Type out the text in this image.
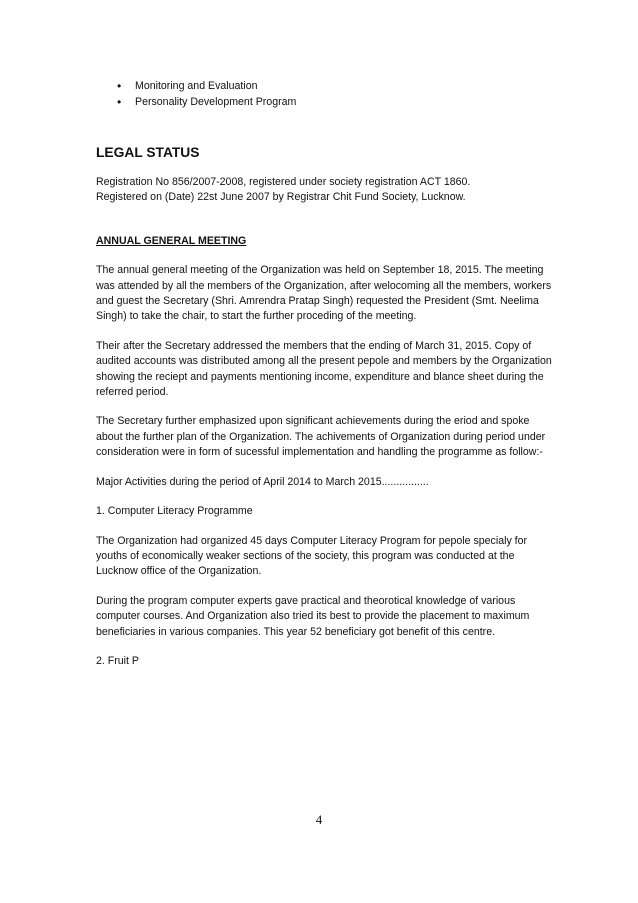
• Monitoring and Evaluation
• Personality Development Program
LEGAL STATUS
Registration No 856/2007-2008, registered under society registration ACT 1860.
Registered on (Date) 22st June 2007 by Registrar Chit Fund Society, Lucknow.
ANNUAL GENERAL MEETING

The annual general meeting of the Organization was held on September 18, 2015. The meeting was attended by all the members of the Organization, after welocoming all the members, workers and guest the Secretary (Shri. Amrendra Pratap Singh) requested the President (Smt. Neelima Singh) to take the chair, to start the further proceding of the meeting.

Their after the Secretary addressed the members that the ending of March 31, 2015. Copy of audited accounts was distributed among all the present pepole and members by the Organization showing the reciept and payments mentioning income, expenditure and blance sheet during the referred period.

The Secretary further emphasized upon significant achievements during the eriod and spoke about the further plan of the Organization. The achivements of Organization during period under consideration were in form of sucessful implementation and handling the programme as follow:-

Major Activities during the period of April 2014 to March 2015................

1. Computer Literacy Programme

The Organization had organized 45 days Computer Literacy Program for pepole specialy for youths of economically weaker sections of the society, this program was conducted at the Lucknow office of the Organization.

During the program computer experts gave practical and theorotical knowledge of various computer courses. And Organization also tried its best to provide the placement to maximum beneficiaries in various companies. This year 52 beneficiary got benefit of this centre.

2. Fruit P

4
